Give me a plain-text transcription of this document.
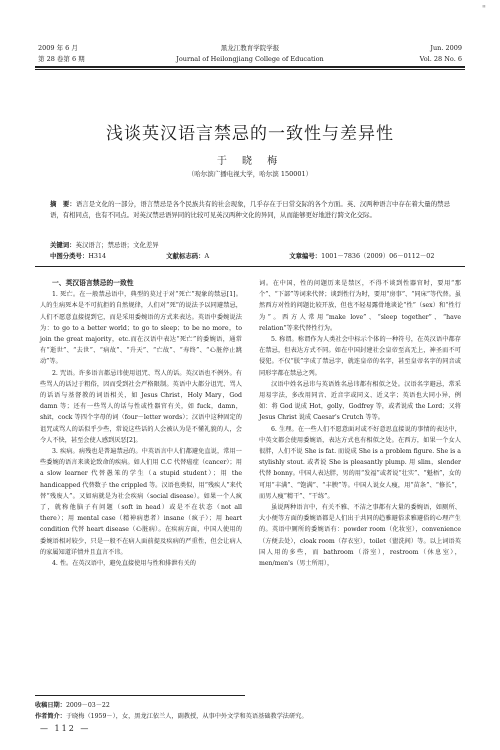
"
2009 年 6 月
第 28 卷第 6 期
黑龙江教育学院学报
Journal of Heilongjiang College of Education
Jun. 2009
Vol. 28 No. 6
浅谈英汉语言禁忌的一致性与差异性
于 晓 梅
（哈尔滨广播电视大学，哈尔滨 150001）
摘　要：语言是文化的一部分，语言禁忌是各个民族共有的社会现象，几乎存在于日常交际的各个方面。英、汉两种语言中存在着大量的禁忌语，有相同点，也有不同点。对英汉禁忌语异同的比较可见英汉两种文化的异同，从而能够更好地进行跨文化交际。
关键词：英汉语言；禁忌语；文化差异
中图分类号：H314	文献标志码：A	文章编号：1001－7836（2009）06－0112－02

一、英汉语言禁忌的一致性

1. 死亡。在一般禁忌语中，典型的莫过于对“死亡”现象的禁忌[1]。人的生病死本是不可抗拒的自然规律，人们对“死”的说法予以同避禁忌，人们不愿意直接提到它，而是采用委婉语的方式来表达。英语中委婉说法为：to go to a better world；to go to sleep；to be no more，to join the great majority，etc.而在汉语中表达“死亡”的委婉语，通常有“逝世”、“去世”、“病故”、“升天”、“亡故”、“寿终”、“心脏停止跳动”等。

2. 咒语。许多语言都忌讳使用诅咒、骂人的话。英汉语也不例外。有些骂人的话过于粗俗，因而受到社会严格限制。英语中大都分诅咒、骂人的话语与基督教的词语相关，如 Jesus Christ，Holy Mary，God damn 等；还有一些骂人的话与性或性器官有关，如 fuck，damn，shit，cock 等四个字母的词（four－letter words）；汉语中这种固定的诅咒或骂人的话似乎少些，常说这些话的人会被认为是不懂礼貌的人，会令人不快，甚至会使人感到厌恶[2]。

3. 疾病。病残也是普遍禁忌的。中英语言中人们都避免直说，常用一些委婉的语言来谈论致命的疾病。如人们用 C.C 代替癌症（cancer）；用 a slow learner 代替愚笨的学生（a stupid student）；用 the handicapped 代替数子 the crippled 等。汉语也类似，用“残疾人”来代替“残废人”。又如病就是为社会疾病（social disease）。如果一个人疯了，就称他脑子有问题（soft in head）或是不在状态（not all there）；用 mental case（精神病患者）insane（疯子）；用 heart condition 代替 heart disease（心脏病）。在疾病方面，中国人使用的委婉语相对较少，只是一般不在病人面前提及疾病的严重性，但会让病人的家属知道详情并且直言不讳。

4. 性。在英汉语中，避免直接使用与性和排泄有关的

词。在中国，性的问题历来是禁区，不得不谈到性器官时，要用“那个”、“下部”等词来代替；谈到性行为时，要用“房事”、“同床”等代替。虽然西方对性的问题比较开放，但也不轻易露骨地谈论“性”（sex）和“性行为”。西方人常用“make love”、“sleep together”、“have relation”等来代替性行为。

5. 称谓。称谓作为人类社会中标示个体的一种符号，在英汉语中都存在禁忌，但表达方式不同。如在中国封建社会皇帝至高无上，神圣而不可侵犯。不仅“朕”字成了禁忌字，就连皇帝的名字，甚至皇帝名字的同音或同形字都在禁忌之列。

汉语中姓名忌讳与英语姓名忌讳都有相似之处。汉语名字避忌，常采用易字法，多改用同音、近音字或同义、近义字；英语也大同小异，例如：将 God 说成 Hot，golly，Godfrey 等，或者说成 the Lord；又将 Jesus Christ 说成 Caesar's Crutch 等等。

6. 生理。在一些人们不愿意面对或不好意思直接说的事情的表达中，中英文都会使用委婉语，表达方式也有相似之处。在西方，如果一个女人很胖，人们不说 She is fat. 而说成 She is a problem figure. She is a stylishly stout. 或者说 She is pleasantly plump. 用 slim，slender 代替 bonny。中国人表达胖，男的用“发福”或者说“壮实”、“魁梧”，女的可用“丰满”、“饱满”、“丰腴”等。中国人说女人瘦，用“苗条”、“修长”，而男人瘦“精干”、“干练”。

虽说两种语言中，有关不雅、不洁之事都有大量的委婉语，如厕所、大小便等方面的委婉语都是人们出于共同的趋雅避俗求雅避俗的心理产生的。英语中厕所的委婉语有：powder room（化妆室），convenience（方便去处），cloak room（存衣室），toilet（盥洗间）等。以上词语英国人用的多些，而 bathroom（浴室），restroom（休息室），men/men's（男士所用），

收稿日期：2009－03－22
作者简介：于晓梅（1959－），女，黑龙江依兰人，副教授，从事中外文学和英语基础教学法研究。
— 112 —
